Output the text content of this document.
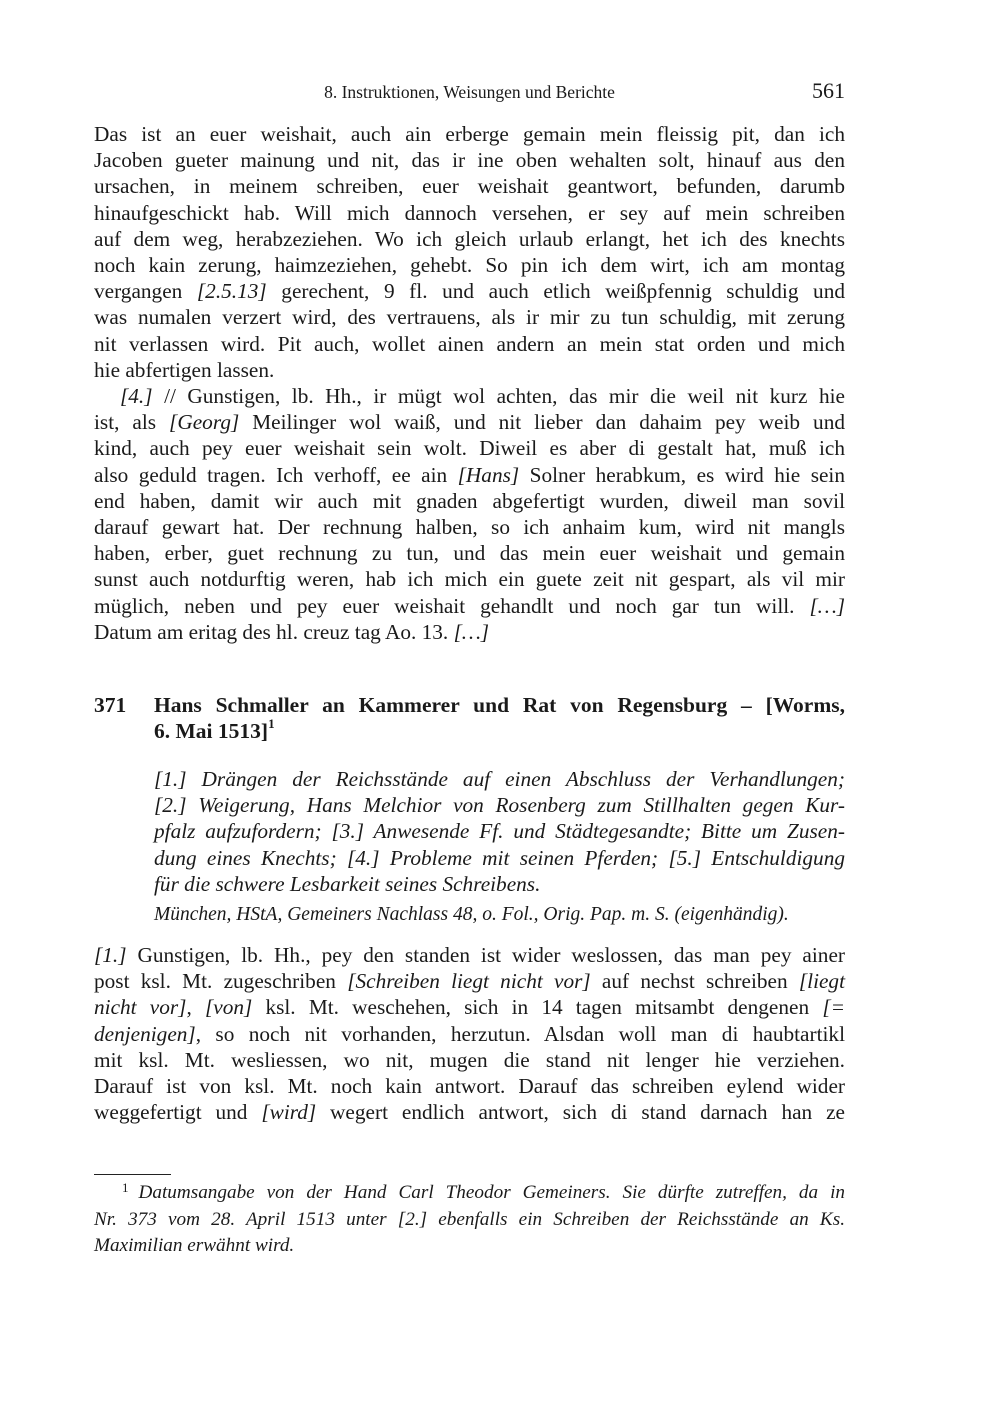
8. Instruktionen, Weisungen und Berichte	561
Das ist an euer weishait, auch ain erberge gemain mein fleissig pit, dan ich
Jacoben gueter mainung und nit, das ir ine oben wehalten solt, hinauf aus den
ursachen, in meinem schreiben, euer weishait geantwort, befunden, darumb
hinaufgeschickt hab. Will mich dannoch versehen, er sey auf mein schreiben
auf dem weg, herabzeziehen. Wo ich gleich urlaub erlangt, het ich des knechts
noch kain zerung, haimzeziehen, gehebt. So pin ich dem wirt, ich am montag
vergangen [2.5.13] gerechent, 9 fl. und auch etlich weißpfennig schuldig und
was numalen verzert wird, des vertrauens, als ir mir zu tun schuldig, mit zerung
nit verlassen wird. Pit auch, wollet ainen andern an mein stat orden und mich
hie abfertigen lassen.
[4.] // Gunstigen, lb. Hh., ir mügt wol achten, das mir die weil nit kurz hie
ist, als [Georg] Meilinger wol waiß, und nit lieber dan dahaim pey weib und
kind, auch pey euer weishait sein wolt. Diweil es aber di gestalt hat, muß ich
also geduld tragen. Ich verhoff, ee ain [Hans] Solner herabkum, es wird hie sein
end haben, damit wir auch mit gnaden abgefertigt wurden, diweil man sovil
darauf gewart hat. Der rechnung halben, so ich anhaim kum, wird nit mangls
haben, erber, guet rechnung zu tun, und das mein euer weishait und gemain
sunst auch notdurftig weren, hab ich mich ein guete zeit nit gespart, als vil mir
müglich, neben und pey euer weishait gehandlt und noch gar tun will. […]
Datum am eritag des hl. creuz tag Ao. 13. […]
371 Hans Schmaller an Kammerer und Rat von Regensburg – [Worms,
6. Mai 1513]$^1$
[1.] Drängen der Reichsstände auf einen Abschluss der Verhandlungen;
[2.] Weigerung, Hans Melchior von Rosenberg zum Stillhalten gegen Kur-
pfalz aufzufordern; [3.] Anwesende Ff. und Städtegesandte; Bitte um Zusen-
dung eines Knechts; [4.] Probleme mit seinen Pferden; [5.] Entschuldigung
für die schwere Lesbarkeit seines Schreibens.
München, HStA, Gemeiners Nachlass 48, o. Fol., Orig. Pap. m. S. (eigenhändig).
[1.] Gunstigen, lb. Hh., pey den standen ist wider weslossen, das man pey ainer
post ksl. Mt. zugeschriben [Schreiben liegt nicht vor] auf nechst schreiben [liegt
nicht vor], [von] ksl. Mt. weschehen, sich in 14 tagen mitsambt dengenen [=
denjenigen], so noch nit vorhanden, herzutun. Alsdan woll man di haubtartikl
mit ksl. Mt. wesliessen, wo nit, mugen die stand nit lenger hie verziehen.
Darauf ist von ksl. Mt. noch kain antwort. Darauf das schreiben eylend wider
weggefertigt und [wird] wegert endlich antwort, sich di stand darnach han ze
$^1$ Datumsangabe von der Hand Carl Theodor Gemeiners. Sie dürfte zutreffen, da in
Nr. 373 vom 28. April 1513 unter [2.] ebenfalls ein Schreiben der Reichsstände an Ks.
Maximilian erwähnt wird.
